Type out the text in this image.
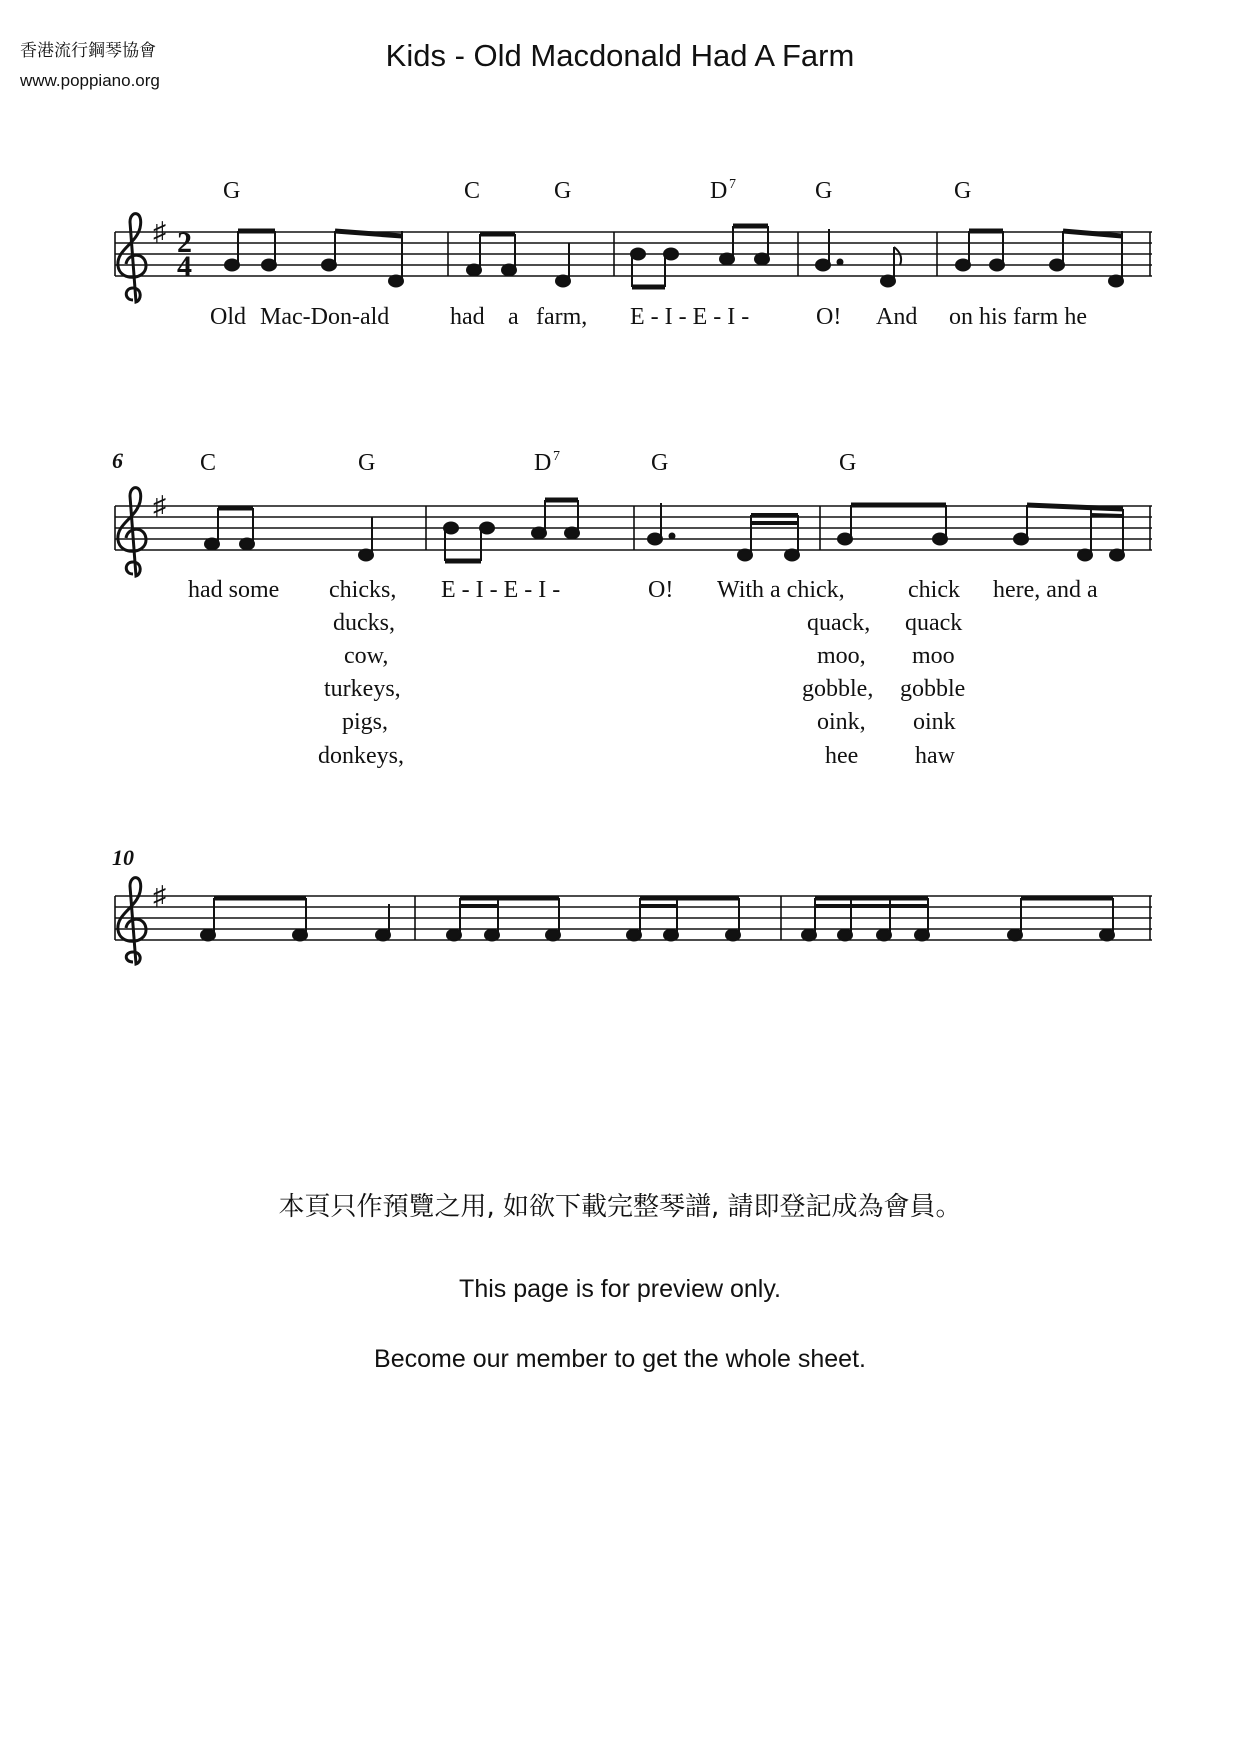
香港流行鋼琴協會
www.poppiano.org
Kids - Old Macdonald Had A Farm
♯ 2
4
G	C	G	D 7	G	G
Old Mac-Don-ald	had a farm, E - I - E - I -	O! And on his farm he
6
♯
C	G	D 7	G	G
had some chicks, E - I - E - I -	O! With a chick,	chick here, and a
ducks,	quack, quack
cow,	moo, moo
turkeys,	gobble, gobble
pigs,	oink, oink
donkeys,	hee haw
10
♯
本頁只作預覽之用, 如欲下載完整琴譜, 請即登記成為會員。
This page is for preview only.
Become our member to get the whole sheet.
